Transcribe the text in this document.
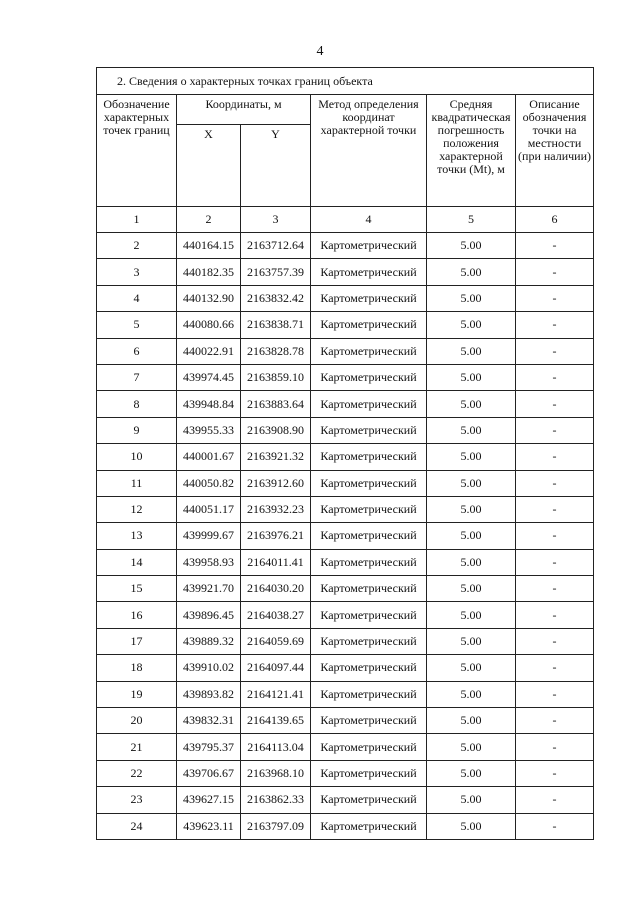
4
2. Сведения о характерных точках границ объекта					
Обозначение характерных точек границ	Координаты, м		Метод определения координат характерной точки	Средняя квадратическая погрешность положения характерной точки (Mt), м	Описание обозначения точки на местности (при наличии)
	X	Y			
1	2	3	4	5	6
2	440164.15	2163712.64	Картометрический	5.00	-
3	440182.35	2163757.39	Картометрический	5.00	-
4	440132.90	2163832.42	Картометрический	5.00	-
5	440080.66	2163838.71	Картометрический	5.00	-
6	440022.91	2163828.78	Картометрический	5.00	-
7	439974.45	2163859.10	Картометрический	5.00	-
8	439948.84	2163883.64	Картометрический	5.00	-
9	439955.33	2163908.90	Картометрический	5.00	-
10	440001.67	2163921.32	Картометрический	5.00	-
11	440050.82	2163912.60	Картометрический	5.00	-
12	440051.17	2163932.23	Картометрический	5.00	-
13	439999.67	2163976.21	Картометрический	5.00	-
14	439958.93	2164011.41	Картометрический	5.00	-
15	439921.70	2164030.20	Картометрический	5.00	-
16	439896.45	2164038.27	Картометрический	5.00	-
17	439889.32	2164059.69	Картометрический	5.00	-
18	439910.02	2164097.44	Картометрический	5.00	-
19	439893.82	2164121.41	Картометрический	5.00	-
20	439832.31	2164139.65	Картометрический	5.00	-
21	439795.37	2164113.04	Картометрический	5.00	-
22	439706.67	2163968.10	Картометрический	5.00	-
23	439627.15	2163862.33	Картометрический	5.00	-
24	439623.11	2163797.09	Картометрический	5.00	-
